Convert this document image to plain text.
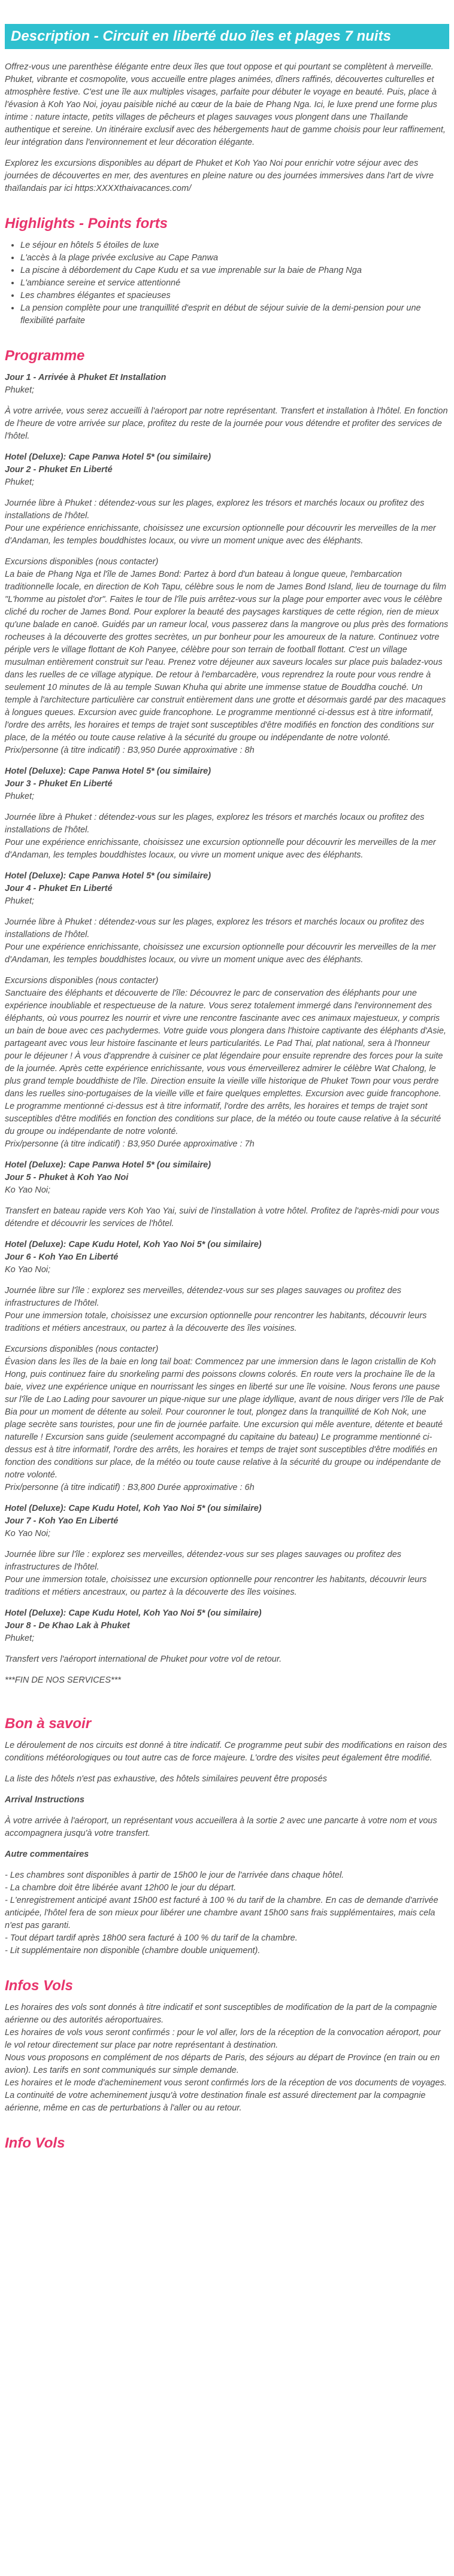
Description - Circuit en liberté duo îles et plages 7 nuits

Offrez-vous une parenthèse élégante entre deux îles que tout oppose et qui pourtant se complètent à merveille. Phuket, vibrante et cosmopolite, vous accueille entre plages animées, dîners raffinés, découvertes culturelles et atmosphère festive. C'est une île aux multiples visages, parfaite pour débuter le voyage en beauté. Puis, place à l'évasion à Koh Yao Noi, joyau paisible niché au cœur de la baie de Phang Nga. Ici, le luxe prend une forme plus intime : nature intacte, petits villages de pêcheurs et plages sauvages vous plongent dans une Thaïlande authentique et sereine. Un itinéraire exclusif avec des hébergements haut de gamme choisis pour leur raffinement, leur intégration dans l'environnement et leur décoration élégante.

Explorez les excursions disponibles au départ de Phuket et Koh Yao Noi pour enrichir votre séjour avec des journées de découvertes en mer, des aventures en pleine nature ou des journées immersives dans l'art de vivre thaïlandais par ici https:XXXXthaivacances.com/

Highlights - Points forts
• Le séjour en hôtels 5 étoiles de luxe
• L'accès à la plage privée exclusive au Cape Panwa
• La piscine à débordement du Cape Kudu et sa vue imprenable sur la baie de Phang Nga
• L'ambiance sereine et service attentionné
• Les chambres élégantes et spacieuses
• La pension complète pour une tranquillité d'esprit en début de séjour suivie de la demi-pension pour une flexibilité parfaite
Programme

Jour 1 - Arrivée à Phuket Et Installation

Phuket;

À votre arrivée, vous serez accueilli à l'aéroport par notre représentant. Transfert et installation à l'hôtel. En fonction de l'heure de votre arrivée sur place, profitez du reste de la journée pour vous détendre et profiter des services de l'hôtel.

Hotel (Deluxe): Cape Panwa Hotel 5* (ou similaire)

Jour 2 - Phuket En Liberté

Phuket;

Journée libre à Phuket : détendez-vous sur les plages, explorez les trésors et marchés locaux ou profitez des installations de l'hôtel.
Pour une expérience enrichissante, choisissez une excursion optionnelle pour découvrir les merveilles de la mer d'Andaman, les temples bouddhistes locaux, ou vivre un moment unique avec des éléphants.

Excursions disponibles (nous contacter)
La baie de Phang Nga et l'île de James Bond: Partez à bord d'un bateau à longue queue, l'embarcation traditionnelle locale, en direction de Koh Tapu, célèbre sous le nom de James Bond Island, lieu de tournage du film "L'homme au pistolet d'or". Faites le tour de l'île puis arrêtez-vous sur la plage pour emporter avec vous le célèbre cliché du rocher de James Bond. Pour explorer la beauté des paysages karstiques de cette région, rien de mieux qu'une balade en canoë. Guidés par un rameur local, vous passerez dans la mangrove ou plus près des formations rocheuses à la découverte des grottes secrètes, un pur bonheur pour les amoureux de la nature. Continuez votre périple vers le village flottant de Koh Panyee, célèbre pour son terrain de football flottant. C'est un village musulman entièrement construit sur l'eau. Prenez votre déjeuner aux saveurs locales sur place puis baladez-vous dans les ruelles de ce village atypique. De retour à l'embarcadère, vous reprendrez la route pour vous rendre à seulement 10 minutes de là au temple Suwan Khuha qui abrite une immense statue de Bouddha couché. Un temple à l'architecture particulière car construit entièrement dans une grotte et désormais gardé par des macaques à longues queues. Excursion avec guide francophone. Le programme mentionné ci-dessus est à titre informatif, l'ordre des arrêts, les horaires et temps de trajet sont susceptibles d'être modifiés en fonction des conditions sur place, de la météo ou toute cause relative à la sécurité du groupe ou indépendante de notre volonté.
Prix/personne (à titre indicatif) : B3,950 Durée approximative : 8h

Hotel (Deluxe): Cape Panwa Hotel 5* (ou similaire)

Jour 3 - Phuket En Liberté

Phuket;

Journée libre à Phuket : détendez-vous sur les plages, explorez les trésors et marchés locaux ou profitez des installations de l'hôtel.
Pour une expérience enrichissante, choisissez une excursion optionnelle pour découvrir les merveilles de la mer d'Andaman, les temples bouddhistes locaux, ou vivre un moment unique avec des éléphants.

Hotel (Deluxe): Cape Panwa Hotel 5* (ou similaire)

Jour 4 - Phuket En Liberté

Phuket;

Journée libre à Phuket : détendez-vous sur les plages, explorez les trésors et marchés locaux ou profitez des installations de l'hôtel.
Pour une expérience enrichissante, choisissez une excursion optionnelle pour découvrir les merveilles de la mer d'Andaman, les temples bouddhistes locaux, ou vivre un moment unique avec des éléphants.

Excursions disponibles (nous contacter)
Sanctuaire des éléphants et découverte de l'île: Découvrez le parc de conservation des éléphants pour une expérience inoubliable et respectueuse de la nature. Vous serez totalement immergé dans l'environnement des éléphants, où vous pourrez les nourrir et vivre une rencontre fascinante avec ces animaux majestueux, y compris un bain de boue avec ces pachydermes. Votre guide vous plongera dans l'histoire captivante des éléphants d'Asie, partageant avec vous leur histoire fascinante et leurs particularités. Le Pad Thai, plat national, sera à l'honneur pour le déjeuner ! À vous d'apprendre à cuisiner ce plat légendaire pour ensuite reprendre des forces pour la suite de la journée. Après cette expérience enrichissante, vous vous émerveillerez admirer le célèbre Wat Chalong, le plus grand temple bouddhiste de l'île. Direction ensuite la vieille ville historique de Phuket Town pour vous perdre dans les ruelles sino-portugaises de la vieille ville et faire quelques emplettes. Excursion avec guide francophone. Le programme mentionné ci-dessus est à titre informatif, l'ordre des arrêts, les horaires et temps de trajet sont susceptibles d'être modifiés en fonction des conditions sur place, de la météo ou toute cause relative à la sécurité du groupe ou indépendante de notre volonté.
Prix/personne (à titre indicatif) : B3,950 Durée approximative : 7h

Hotel (Deluxe): Cape Panwa Hotel 5* (ou similaire)

Jour 5 - Phuket à Koh Yao Noi

Ko Yao Noi;

Transfert en bateau rapide vers Koh Yao Yai, suivi de l'installation à votre hôtel. Profitez de l'après-midi pour vous détendre et découvrir les services de l'hôtel.

Hotel (Deluxe): Cape Kudu Hotel, Koh Yao Noi 5* (ou similaire)

Jour 6 - Koh Yao En Liberté

Ko Yao Noi;

Journée libre sur l'île : explorez ses merveilles, détendez-vous sur ses plages sauvages ou profitez des infrastructures de l'hôtel.
Pour une immersion totale, choisissez une excursion optionnelle pour rencontrer les habitants, découvrir leurs traditions et métiers ancestraux, ou partez à la découverte des îles voisines.

Excursions disponibles (nous contacter)
Évasion dans les îles de la baie en long tail boat: Commencez par une immersion dans le lagon cristallin de Koh Hong, puis continuez faire du snorkeling parmi des poissons clowns colorés. En route vers la prochaine île de la baie, vivez une expérience unique en nourrissant les singes en liberté sur une île voisine. Nous ferons une pause sur l'île de Lao Lading pour savourer un pique-nique sur une plage idyllique, avant de nous diriger vers l'île de Pak Bia pour un moment de détente au soleil. Pour couronner le tout, plongez dans la tranquillité de Koh Nok, une plage secrète sans touristes, pour une fin de journée parfaite. Une excursion qui mêle aventure, détente et beauté naturelle ! Excursion sans guide (seulement accompagné du capitaine du bateau) Le programme mentionné ci-dessus est à titre informatif, l'ordre des arrêts, les horaires et temps de trajet sont susceptibles d'être modifiés en fonction des conditions sur place, de la météo ou toute cause relative à la sécurité du groupe ou indépendante de notre volonté.
Prix/personne (à titre indicatif) : B3,800 Durée approximative : 6h

Hotel (Deluxe): Cape Kudu Hotel, Koh Yao Noi 5* (ou similaire)

Jour 7 - Koh Yao En Liberté

Ko Yao Noi;

Journée libre sur l'île : explorez ses merveilles, détendez-vous sur ses plages sauvages ou profitez des infrastructures de l'hôtel.
Pour une immersion totale, choisissez une excursion optionnelle pour rencontrer les habitants, découvrir leurs traditions et métiers ancestraux, ou partez à la découverte des îles voisines.

Hotel (Deluxe): Cape Kudu Hotel, Koh Yao Noi 5* (ou similaire)

Jour 8 - De Khao Lak à Phuket

Phuket;

Transfert vers l'aéroport international de Phuket pour votre vol de retour.

***FIN DE NOS SERVICES***

Bon à savoir

Le déroulement de nos circuits est donné à titre indicatif. Ce programme peut subir des modifications en raison des conditions météorologiques ou tout autre cas de force majeure. L'ordre des visites peut également être modifié.

La liste des hôtels n'est pas exhaustive, des hôtels similaires peuvent être proposés

Arrival Instructions

À votre arrivée à l'aéroport, un représentant vous accueillera à la sortie 2 avec une pancarte à votre nom et vous accompagnera jusqu'à votre transfert.

Autre commentaires

- Les chambres sont disponibles à partir de 15h00 le jour de l'arrivée dans chaque hôtel.
- La chambre doit être libérée avant 12h00 le jour du départ.
- L'enregistrement anticipé avant 15h00 est facturé à 100 % du tarif de la chambre. En cas de demande d'arrivée anticipée, l'hôtel fera de son mieux pour libérer une chambre avant 15h00 sans frais supplémentaires, mais cela n'est pas garanti.
- Tout départ tardif après 18h00 sera facturé à 100 % du tarif de la chambre.
- Lit supplémentaire non disponible (chambre double uniquement).

Infos Vols

Les horaires des vols sont donnés à titre indicatif et sont susceptibles de modification de la part de la compagnie aérienne ou des autorités aéroportuaires.
Les horaires de vols vous seront confirmés : pour le vol aller, lors de la réception de la convocation aéroport, pour le vol retour directement sur place par notre représentant à destination.
Nous vous proposons en complément de nos départs de Paris, des séjours au départ de Province (en train ou en avion). Les tarifs en sont communiqués sur simple demande.
Les horaires et le mode d'acheminement vous seront confirmés lors de la réception de vos documents de voyages.
La continuité de votre acheminement jusqu'à votre destination finale est assuré directement par la compagnie aérienne, même en cas de perturbations à l'aller ou au retour.

Info Vols
